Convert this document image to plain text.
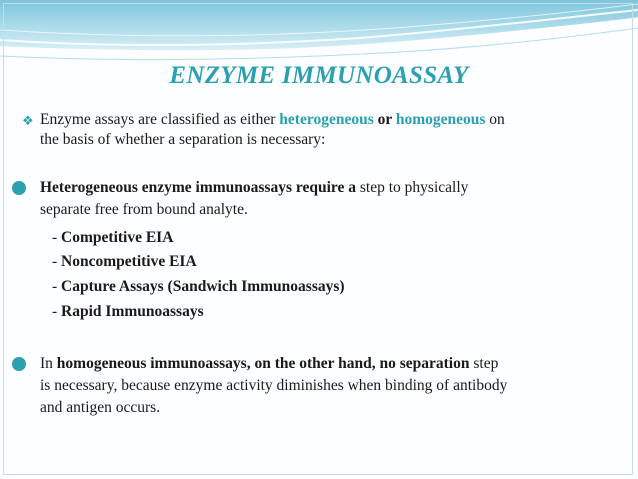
ENZYME IMMUNOASSAY
❖ Enzyme assays are classified as either heterogeneous or homogeneous on
the basis of whether a separation is necessary:
Heterogeneous enzyme immunoassays require a step to physically
separate free from bound analyte.
- Competitive EIA
- Noncompetitive EIA
- Capture Assays (Sandwich Immunoassays)
- Rapid Immunoassays
In homogeneous immunoassays, on the other hand, no separation step
is necessary, because enzyme activity diminishes when binding of antibody
and antigen occurs.
